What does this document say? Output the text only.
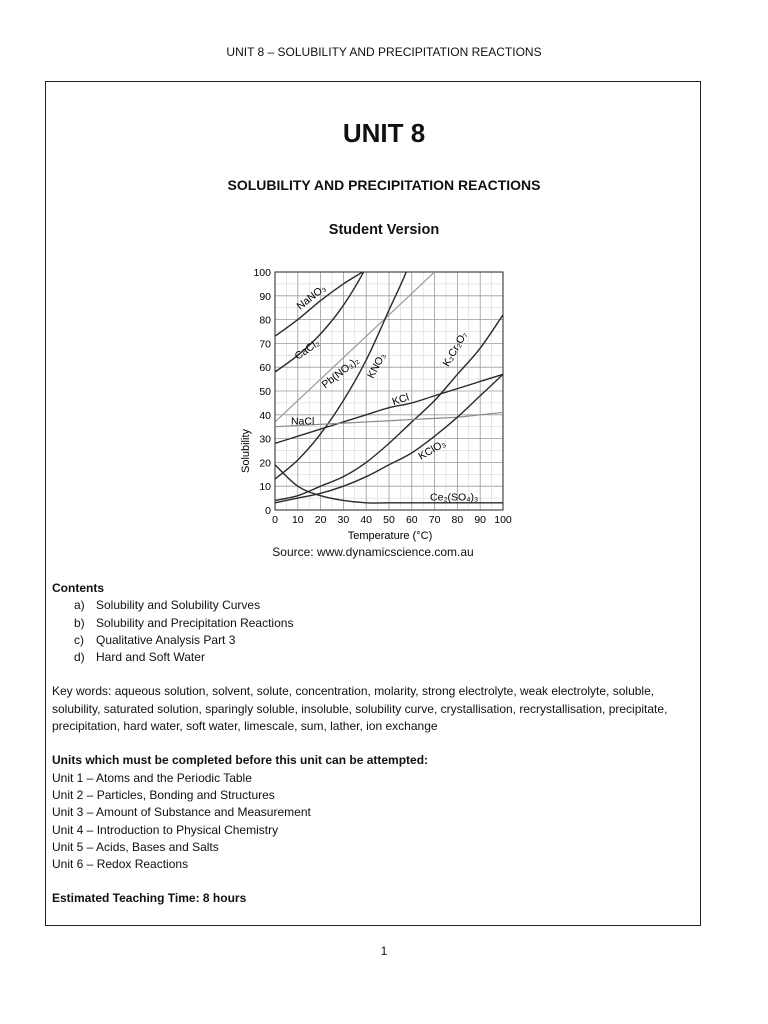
UNIT 8 – SOLUBILITY AND PRECIPITATION REACTIONS
UNIT 8
SOLUBILITY AND PRECIPITATION REACTIONS
Student Version
NaNO₃
CaCl₂
Pb(NO₃)₂ KNO₃	K₂Cr₂O₇
KCl
NaCl
KClO₃
Ce₂(SO₄)₃
0 10 20 30 40 50 60 70 80 90 100
0
10
20
30
40
50
60
70
80
90
100
Temperature (°C)
Solubility
Source: www.dynamicscience.com.au

Contents

a) Solubility and Solubility Curves
b) Solubility and Precipitation Reactions
c) Qualitative Analysis Part 3
d) Hard and Soft Water

Key words: aqueous solution, solvent, solute, concentration, molarity, strong electrolyte, weak electrolyte, soluble, solubility, saturated solution, sparingly soluble, insoluble, solubility curve, crystallisation, recrystallisation, precipitate, precipitation, hard water, soft water, limescale, sum, lather, ion exchange

Units which must be completed before this unit can be attempted:

Unit 1 – Atoms and the Periodic Table

Unit 2 – Particles, Bonding and Structures

Unit 3 – Amount of Substance and Measurement

Unit 4 – Introduction to Physical Chemistry

Unit 5 – Acids, Bases and Salts

Unit 6 – Redox Reactions

Estimated Teaching Time: 8 hours

1
